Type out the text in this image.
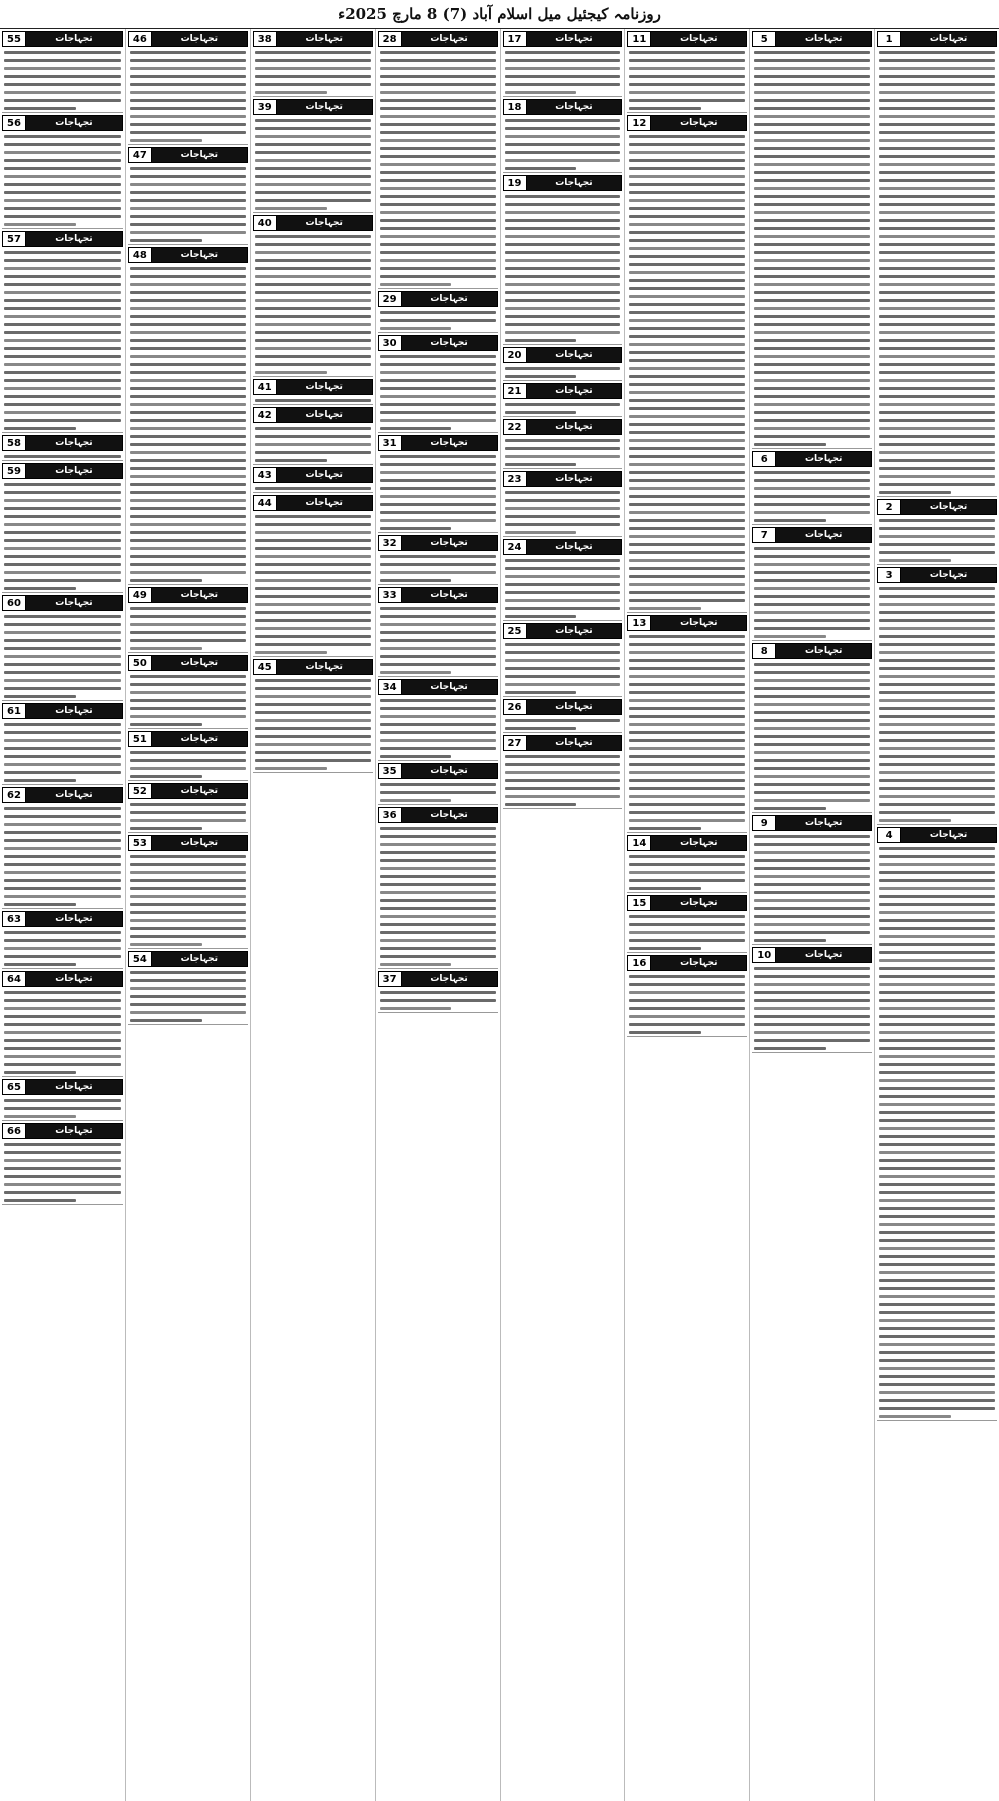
روزنامہ کیجئیل میل اسلام آباد (7) 8 مارچ 2025ء
1	تجہاجات
2	تجہاجات
3	تجہاجات
4	تجہاجات
5	تجہاجات
6	تجہاجات
7	تجہاجات
8	تجہاجات
9	تجہاجات
10	تجہاجات
11	تجہاجات
12	تجہاجات
13	تجہاجات
14	تجہاجات
15	تجہاجات
16	تجہاجات
17	تجہاجات
18	تجہاجات
19	تجہاجات
20	تجہاجات
21	تجہاجات
22	تجہاجات
23	تجہاجات
24	تجہاجات
25	تجہاجات
26	تجہاجات
27	تجہاجات
28	تجہاجات
29	تجہاجات
30	تجہاجات
31	تجہاجات
32	تجہاجات
33	تجہاجات
34	تجہاجات
35	تجہاجات
36	تجہاجات
37	تجہاجات
38	تجہاجات
39	تجہاجات
40	تجہاجات
41	تجہاجات
42	تجہاجات
43	تجہاجات
44	تجہاجات
45	تجہاجات
46	تجہاجات
47	تجہاجات
48	تجہاجات
49	تجہاجات
50	تجہاجات
51	تجہاجات
52	تجہاجات
53	تجہاجات
54	تجہاجات
55	تجہاجات
56	تجہاجات
57	تجہاجات
58	تجہاجات
59	تجہاجات
60	تجہاجات
61	تجہاجات
62	تجہاجات
63	تجہاجات
64	تجہاجات
65	تجہاجات
66	تجہاجات
